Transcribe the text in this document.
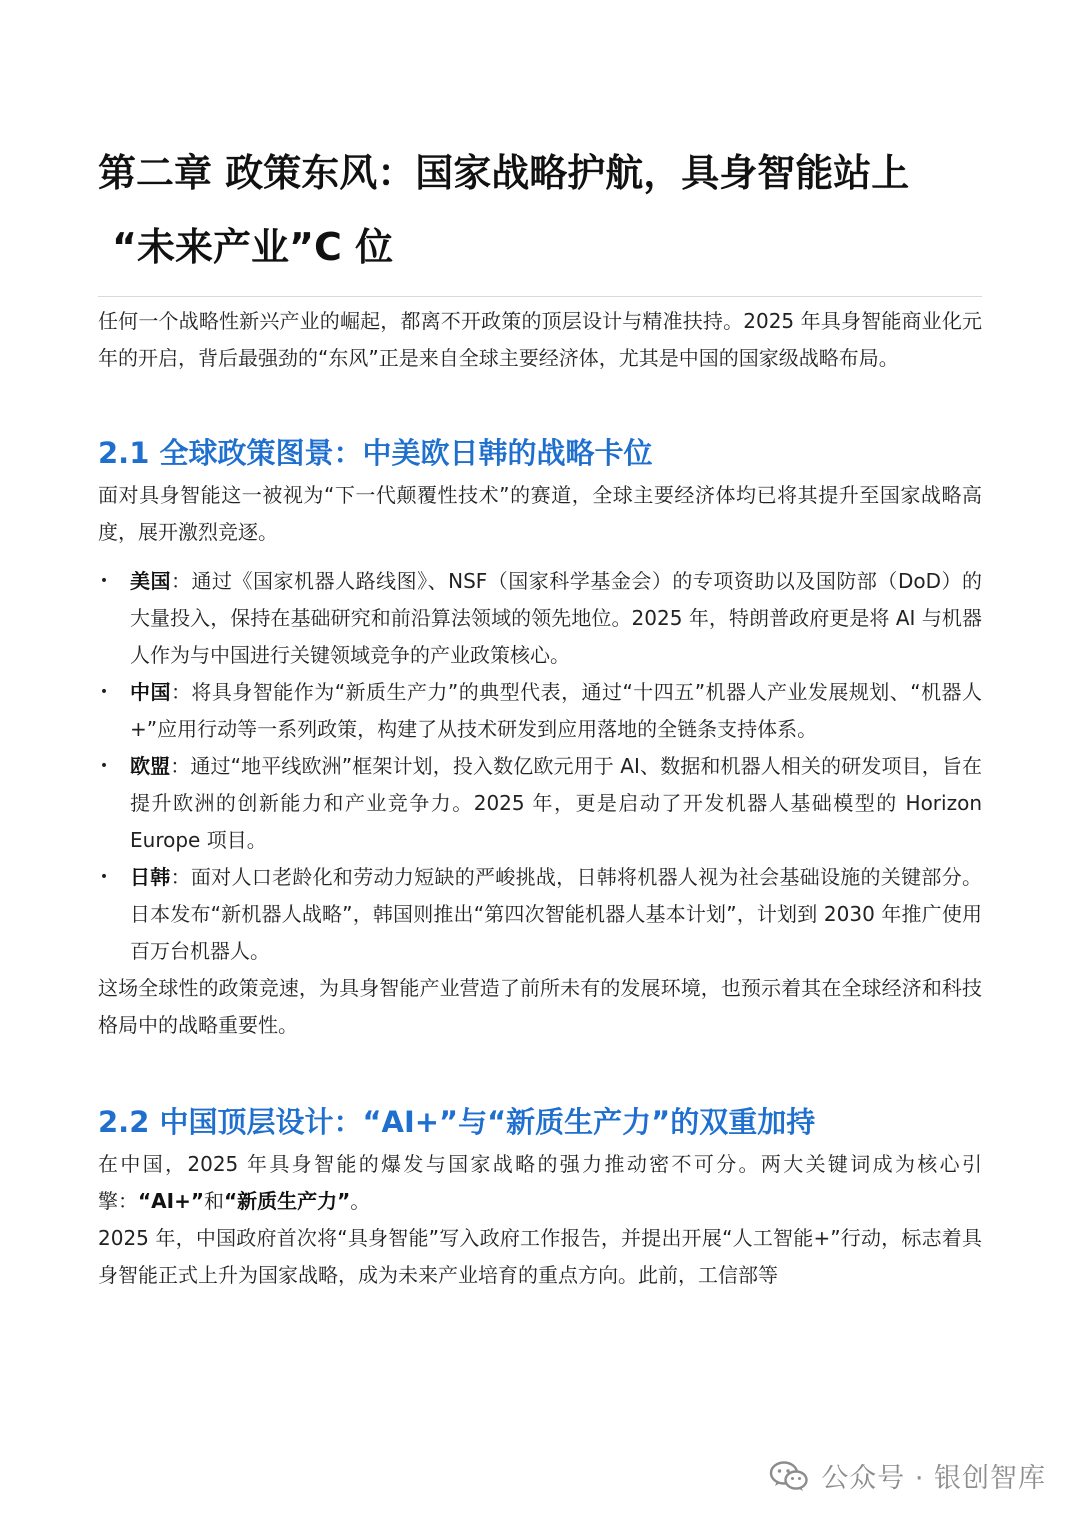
第二章 政策东风：国家战略护航，具身智能站上
“未来产业”C 位

任何一个战略性新兴产业的崛起，都离不开政策的顶层设计与精准扶持。2025 年具身智能商业化元年的开启，背后最强劲的“东风”正是来自全球主要经济体，尤其是中国的国家级战略布局。

2.1 全球政策图景：中美欧日韩的战略卡位

面对具身智能这一被视为“下一代颠覆性技术”的赛道，全球主要经济体均已将其提升至国家战略高度，展开激烈竞逐。

• 美国：通过《国家机器人路线图》、NSF（国家科学基金会）的专项资助以及国防部（DoD）的大量投入，保持在基础研究和前沿算法领域的领先地位。2025 年，特朗普政府更是将 AI 与机器人作为与中国进行关键领域竞争的产业政策核心。
• 中国：将具身智能作为“新质生产力”的典型代表，通过“十四五”机器人产业发展规划、“机器人+”应用行动等一系列政策，构建了从技术研发到应用落地的全链条支持体系。
• 欧盟：通过“地平线欧洲”框架计划，投入数亿欧元用于 AI、数据和机器人相关的研发项目，旨在提升欧洲的创新能力和产业竞争力。2025 年，更是启动了开发机器人基础模型的 Horizon Europe 项目。
• 日韩：面对人口老龄化和劳动力短缺的严峻挑战，日韩将机器人视为社会基础设施的关键部分。日本发布“新机器人战略”，韩国则推出“第四次智能机器人基本计划”，计划到 2030 年推广使用百万台机器人。

这场全球性的政策竞速，为具身智能产业营造了前所未有的发展环境，也预示着其在全球经济和科技格局中的战略重要性。

2.2 中国顶层设计：“AI+”与“新质生产力”的双重加持

在中国，2025 年具身智能的爆发与国家战略的强力推动密不可分。两大关键词成为核心引擎：“AI+”和“新质生产力”。

2025 年，中国政府首次将“具身智能”写入政府工作报告，并提出开展“人工智能+”行动，标志着具身智能正式上升为国家战略，成为未来产业培育的重点方向。此前，工信部等

公众号 · 银创智库
